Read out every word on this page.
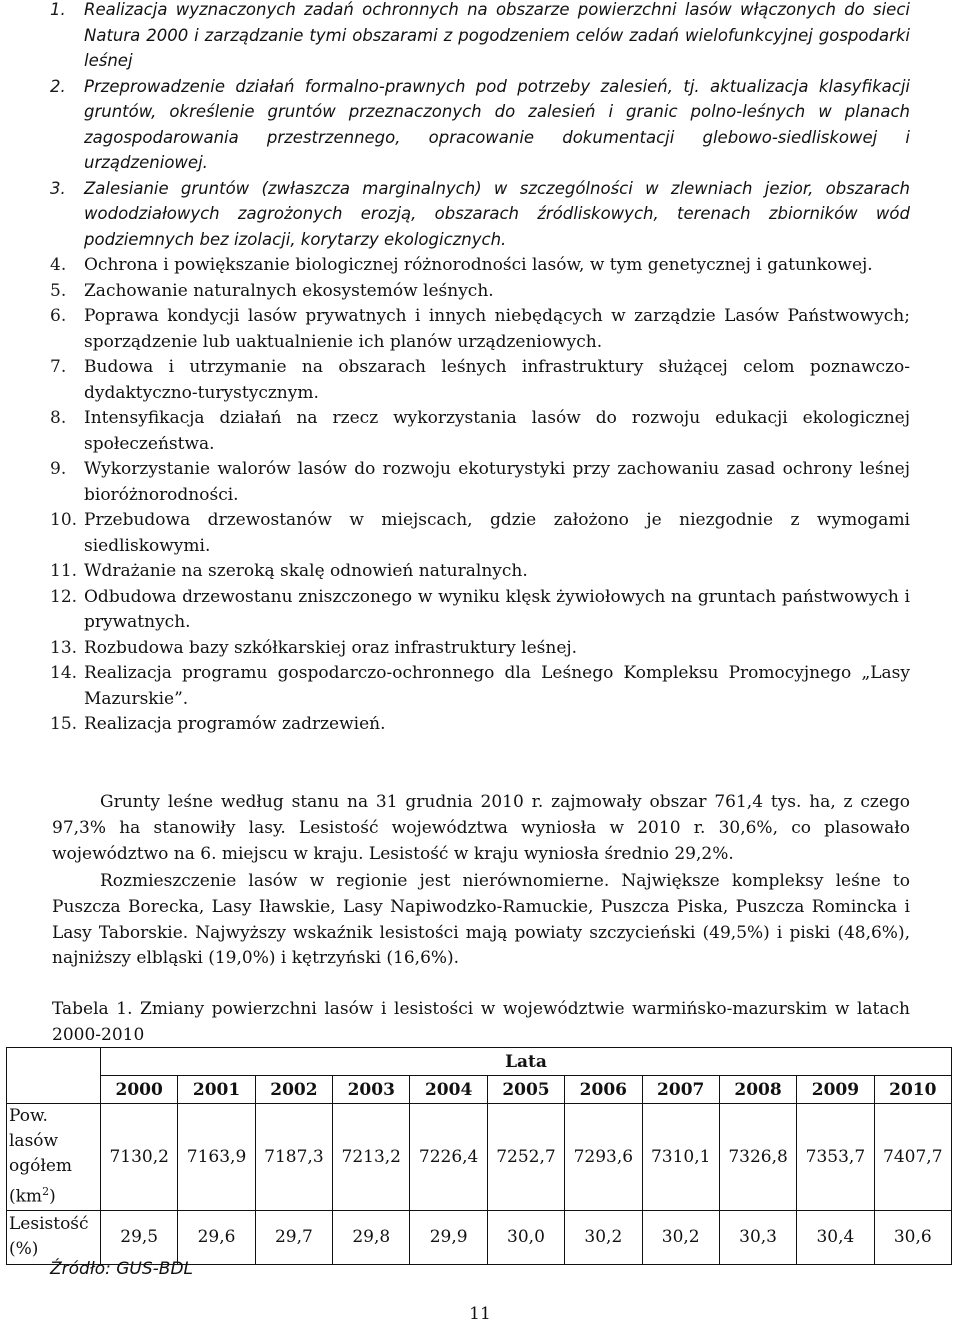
1.	Realizacja wyznaczonych zadań ochronnych na obszarze powierzchni lasów włączonych do sieci Natura 2000 i zarządzanie tymi obszarami z pogodzeniem celów zadań wielofunkcyjnej gospodarki leśnej
2.	Przeprowadzenie działań formalno-prawnych pod potrzeby zalesień, tj. aktualizacja klasyfikacji gruntów, określenie gruntów przeznaczonych do zalesień i granic polno-leśnych w planach zagospodarowania przestrzennego, opracowanie dokumentacji glebowo-siedliskowej i urządzeniowej.
3.	Zalesianie gruntów (zwłaszcza marginalnych) w szczególności w zlewniach jezior, obszarach wododziałowych zagrożonych erozją, obszarach źródliskowych, terenach zbiorników wód podziemnych bez izolacji, korytarzy ekologicznych.
4.	Ochrona i powiększanie biologicznej różnorodności lasów, w tym genetycznej i gatunkowej.
5.	Zachowanie naturalnych ekosystemów leśnych.
6.	Poprawa kondycji lasów prywatnych i innych niebędących w zarządzie Lasów Państwowych; sporządzenie lub uaktualnienie ich planów urządzeniowych.
7.	Budowa i utrzymanie na obszarach leśnych infrastruktury służącej celom poznawczo-dydaktyczno-turystycznym.
8.	Intensyfikacja działań na rzecz wykorzystania lasów do rozwoju edukacji ekologicznej społeczeństwa.
9.	Wykorzystanie walorów lasów do rozwoju ekoturystyki przy zachowaniu zasad ochrony leśnej bioróżnorodności.
10. Przebudowa drzewostanów w miejscach, gdzie założono je niezgodnie z wymogami siedliskowymi.
11. Wdrażanie na szeroką skalę odnowień naturalnych.
12. Odbudowa drzewostanu zniszczonego w wyniku klęsk żywiołowych na gruntach państwowych i prywatnych.
13. Rozbudowa bazy szkółkarskiej oraz infrastruktury leśnej.
14. Realizacja programu gospodarczo-ochronnego dla Leśnego Kompleksu Promocyjnego „Lasy Mazurskie”.
15. Realizacja programów zadrzewień.

Grunty leśne według stanu na 31 grudnia 2010 r. zajmowały obszar 761,4 tys. ha, z czego 97,3% ha stanowiły lasy. Lesistość województwa wyniosła w 2010 r. 30,6%, co plasowało województwo na 6. miejscu w kraju. Lesistość w kraju wyniosła średnio 29,2%.

Rozmieszczenie lasów w regionie jest nierównomierne. Największe kompleksy leśne to Puszcza Borecka, Lasy Iławskie, Lasy Napiwodzko-Ramuckie, Puszcza Piska, Puszcza Romincka i Lasy Taborskie. Najwyższy wskaźnik lesistości mają powiaty szczycieński (49,5%) i piski (48,6%), najniższy elbląski (19,0%) i kętrzyński (16,6%).

Tabela 1. Zmiany powierzchni lasów i lesistości w województwie warmińsko-mazurskim w latach 2000-2010
	Lata										
	2000	2001	2002	2003	2004	2005	2006	2007	2008	2009	2010
Pow.
lasów
ogółem
$(km^2)$	7130,2	7163,9	7187,3	7213,2	7226,4	7252,7	7293,6	7310,1	7326,8	7353,7	7407,7
Lesistość
(%)	29,5	29,6	29,7	29,8	29,9	30,0	30,2	30,2	30,3	30,4	30,6
Źródło: GUS-BDL
11
